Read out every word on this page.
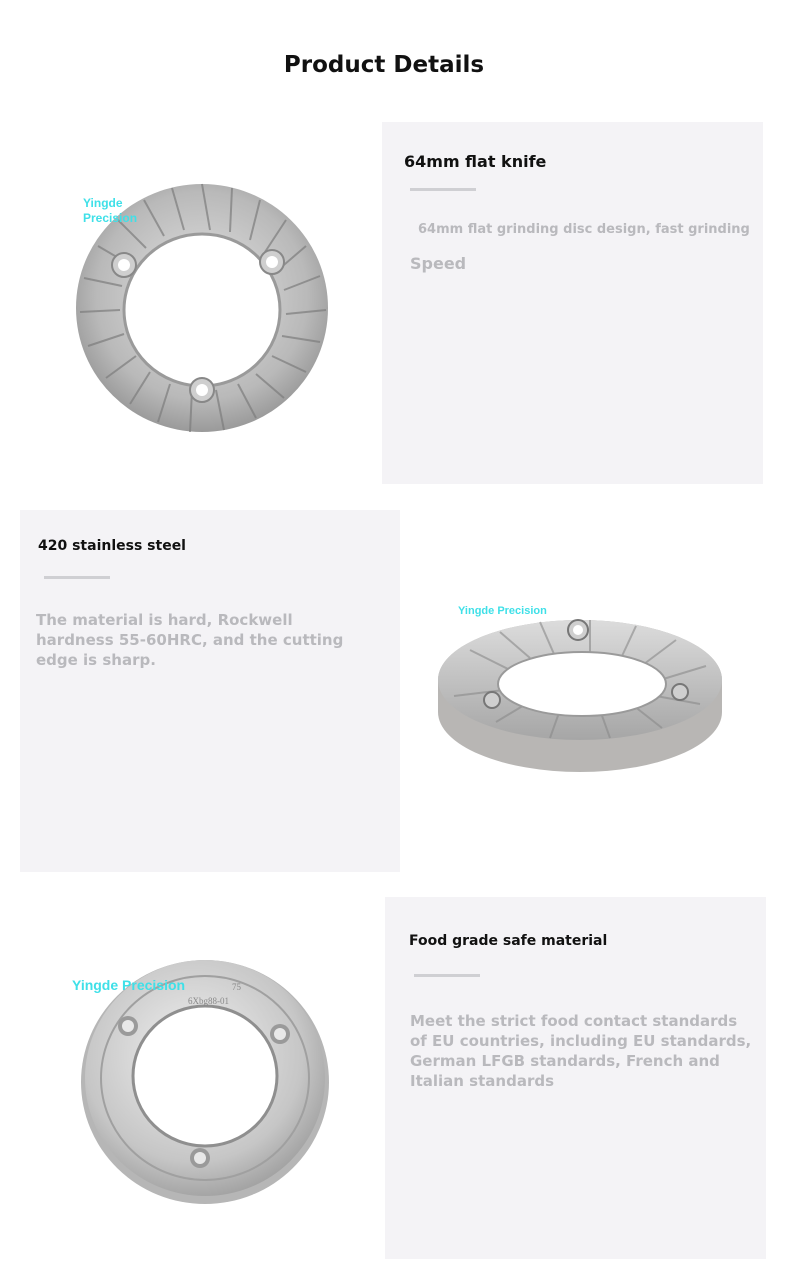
Product Details
Yingde
Precision
64mm flat knife
64mm flat grinding disc design, fast grinding
Speed
420 stainless steel
The material is hard, Rockwell
hardness 55-60HRC, and the cutting
edge is sharp.
Yingde Precision
75
6Xbg88-01
Yingde Precision
Food grade safe material
Meet the strict food contact standards
of EU countries, including EU standards,
German LFGB standards, French and
Italian standards
